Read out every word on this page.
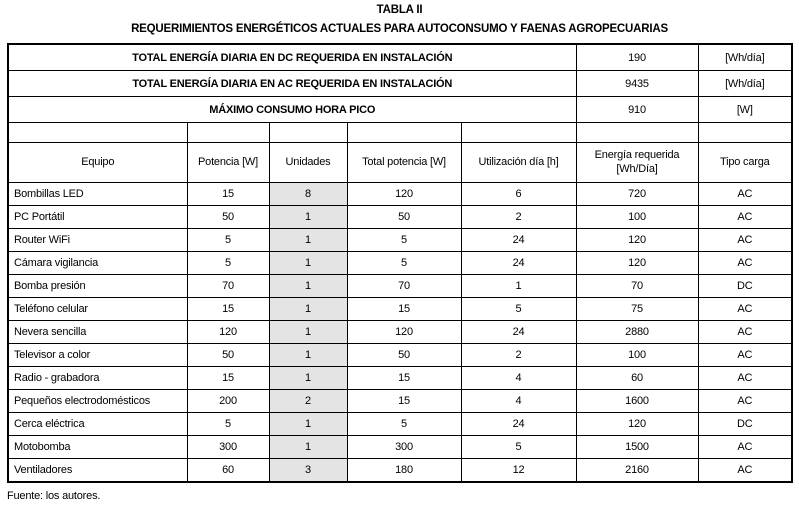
TABLA II
REQUERIMIENTOS ENERGÉTICOS ACTUALES PARA AUTOCONSUMO Y FAENAS AGROPECUARIAS
TOTAL ENERGÍA DIARIA EN DC REQUERIDA EN INSTALACIÓN					190	[Wh/día]
TOTAL ENERGÍA DIARIA EN AC REQUERIDA EN INSTALACIÓN					9435	[Wh/día]
MÁXIMO CONSUMO HORA PICO					910	[W]

Equipo	Potencia [W]	Unidades	Total potencia [W]	Utilización día [h]	Energía requerida [Wh/Día]	Tipo carga
Bombillas LED	15	8	120	6	720	AC
PC Portátil	50	1	50	2	100	AC
Router WiFi	5	1	5	24	120	AC
Cámara vigilancia	5	1	5	24	120	AC
Bomba presión	70	1	70	1	70	DC
Teléfono celular	15	1	15	5	75	AC
Nevera sencilla	120	1	120	24	2880	AC
Televisor a color	50	1	50	2	100	AC
Radio - grabadora	15	1	15	4	60	AC
Pequeños electrodomésticos	200	2	15	4	1600	AC
Cerca eléctrica	5	1	5	24	120	DC
Motobomba	300	1	300	5	1500	AC
Ventiladores	60	3	180	12	2160	AC
Fuente: los autores.
